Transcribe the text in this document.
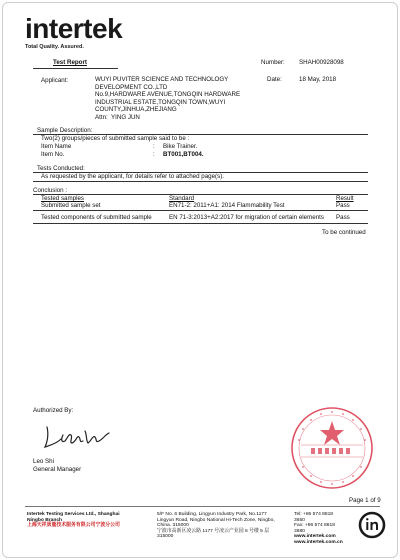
intertek
Total Quality. Assured.
Test Report	Number: SHAH00928098
Applicant:	WUYI PUVITER SCIENCE AND TECHNOLOGY
DEVELOPMENT CO.,LTD
No.9,HARDWARE AVENUE,TONGQIN HARDWARE
INDUSTRIAL ESTATE,TONGQIN TOWN,WUYI
COUNTY,JINHUA,ZHEJIANG
Attn: YING JUN
Date:	18 May, 2018
Sample Description:
Two(2) groups/pieces of submitted sample said to be :
Item Name	: Bike Trainer.
Item No.	: BT001,BT004.
Tests Conducted:
As requested by the applicant, for details refer to attached page(s).
Conclusion :
Tested samples	Standard	Result
Submitted sample set	EN71-2: 2011+A1: 2014 Flammability Test	Pass
Tested components of submitted sample	EN 71-3:2013+A2:2017 for migration of certain elements Pass
To be continued
Authorized By:
Leo Shi
General Manager
Page 1 of 9
Intertek Testing Services Ltd., Shanghai
Ningbo Branch
上海天祥质量技术服务有限公司宁波分公司
5/F No. 6 Building, Lingyun Industry Park, No.1177
Lingyun Road, Ningbo National Hi-Tech Zone, Ningbo,
China. 315000
宁波市高新区凌云路 1177 号凌云产业园 6 号楼 5 层
315000
Tel: +86 574 8818
3650
Fax: +86 574 8818
3680
www.intertek.com
www.intertek.com.cn
